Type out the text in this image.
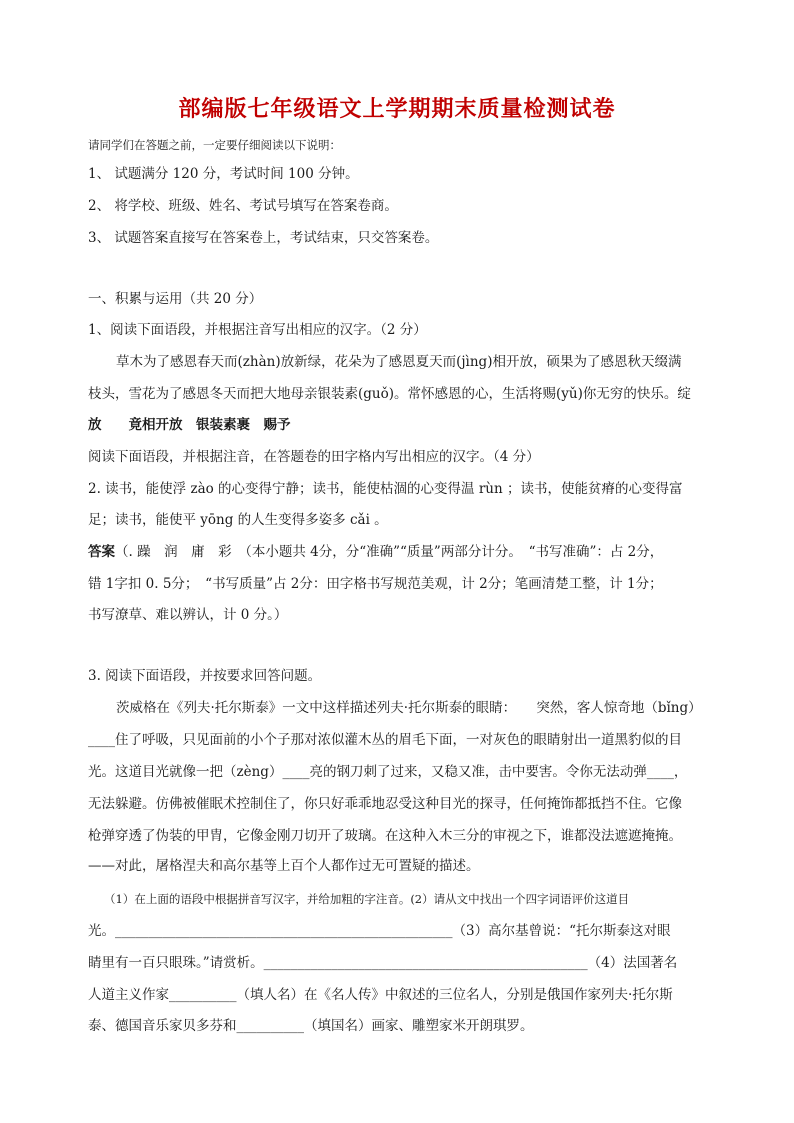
部编版七年级语文上学期期末质量检测试卷
请同学们在答题之前，一定要仔细阅读以下说明：
1、 试题满分 120 分，考试时间 100 分钟。
2、 将学校、班级、姓名、考试号填写在答案卷商。
3、 试题答案直接写在答案卷上，考试结束，只交答案卷。
一、积累与运用（共 20 分）
1、阅读下面语段，并根据注音写出相应的汉字。（2 分）
草木为了感恩春天而(zhàn)放新绿，花朵为了感恩夏天而(jìng)相开放，硕果为了感恩秋天缀满
枝头，雪花为了感恩冬天而把大地母亲银装素(guǒ)。常怀感恩的心，生活将赐(yǔ)你无穷的快乐。绽
放　　竟相开放　银装素裹　赐予
阅读下面语段，并根据注音，在答题卷的田字格内写出相应的汉字。（4 分）
2. 读书，能使浮 zào 的心变得宁静；读书，能使枯涸的心变得温 rùn ；读书，使能贫瘠的心变得富
足；读书，能使平 yōng 的人生变得多姿多 cǎi 。
答案（. 躁　润　庸　彩　（本小题共 4分，分“准确”“质量”两部分计分。　“书写准确”：占 2分，
错 1字扣 0. 5分；　“书写质量”占 2分：田字格书写规范美观，计 2分；笔画清楚工整，计 1分；
书写潦草、难以辨认，计 0 分。）
3. 阅读下面语段，并按要求回答问题。
茨威格在《列夫·托尔斯泰》一文中这样描述列夫·托尔斯泰的眼睛：　　突然，客人惊奇地（bǐng）
____住了呼吸，只见面前的小个子那对浓似灌木丛的眉毛下面，一对灰色的眼睛射出一道黑豹似的目
光。这道目光就像一把（zèng）____亮的钢刀刺了过来，又稳又准，击中要害。令你无法动弹____，
无法躲避。仿佛被催眠术控制住了，你只好乖乖地忍受这种目光的探寻，任何掩饰都抵挡不住。它像
枪弹穿透了伪装的甲胄，它像金刚刀切开了玻璃。在这种入木三分的审视之下，谁都没法遮遮掩掩。
——对此，屠格涅夫和高尔基等上百个人都作过无可置疑的描述。
（1）在上面的语段中根据拼音写汉字，并给加粗的字注音。(2）请从文中找出一个四字词语评价这道目
光。__________________________________________________（3）高尔基曾说：“托尔斯泰这对眼
睛里有一百只眼珠。”请赏析。________________________________________________（4）法国著名
人道主义作家__________（填人名）在《名人传》中叙述的三位名人，分别是俄国作家列夫·托尔斯
泰、德国音乐家贝多芬和__________（填国名）画家、雕塑家米开朗琪罗。
